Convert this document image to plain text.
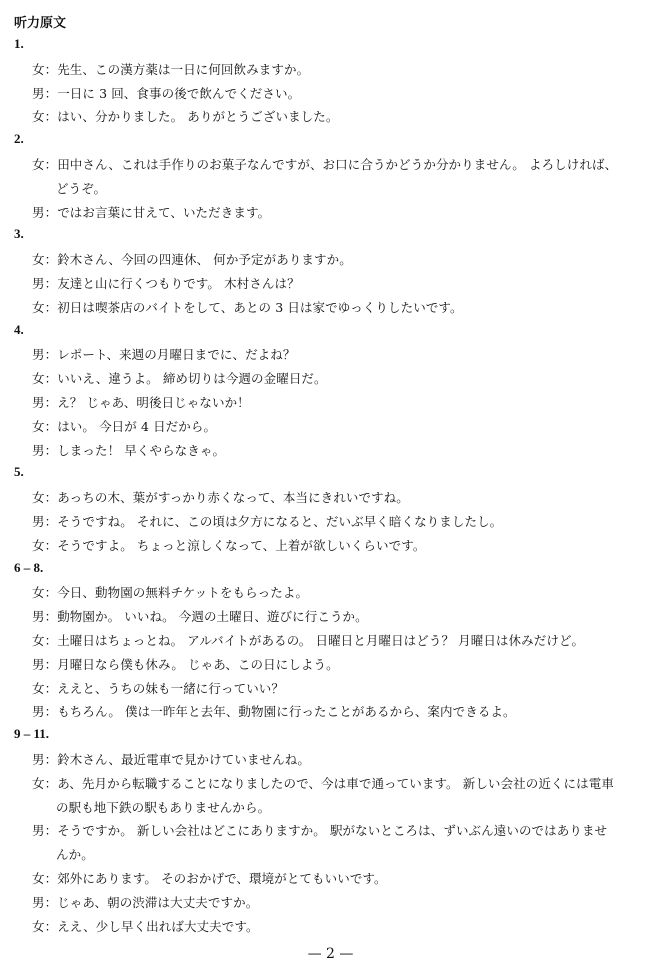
听力原文
1.
女：先生、この漢方薬は一日に何回飲みますか。
男：一日に 3 回、食事の後で飲んでください。
女：はい、分かりました。 ありがとうございました。
2.
女：田中さん、これは手作りのお菓子なんですが、お口に合うかどうか分かりません。 よろしければ、
どうぞ。
男：ではお言葉に甘えて、いただきます。
3.
女：鈴木さん、今回の四連休、 何か予定がありますか。
男：友達と山に行くつもりです。 木村さんは？
女：初日は喫茶店のバイトをして、あとの 3 日は家でゆっくりしたいです。
4.
男：レポート、来週の月曜日までに、だよね？
女：いいえ、違うよ。 締め切りは今週の金曜日だ。
男：え？ じゃあ、明後日じゃないか！
女：はい。 今日が 4 日だから。
男：しまった！ 早くやらなきゃ。
5.
女：あっちの木、葉がすっかり赤くなって、本当にきれいですね。
男：そうですね。 それに、この頃は夕方になると、だいぶ早く暗くなりましたし。
女：そうですよ。 ちょっと涼しくなって、上着が欲しいくらいです。
6 – 8.
女：今日、動物園の無料チケットをもらったよ。
男：動物園か。 いいね。 今週の土曜日、遊びに行こうか。
女：土曜日はちょっとね。 アルバイトがあるの。 日曜日と月曜日はどう？ 月曜日は休みだけど。
男：月曜日なら僕も休み。 じゃあ、この日にしよう。
女：ええと、うちの妹も一緒に行っていい？
男：もちろん。 僕は一昨年と去年、動物園に行ったことがあるから、案内できるよ。
9 – 11.
男：鈴木さん、最近電車で見かけていませんね。
女：あ、先月から転職することになりましたので、今は車で通っています。 新しい会社の近くには電車
の駅も地下鉄の駅もありませんから。
男：そうですか。 新しい会社はどこにありますか。 駅がないところは、ずいぶん遠いのではありませ
んか。
女：郊外にあります。 そのおかげで、環境がとてもいいです。
男：じゃあ、朝の渋滞は大丈夫ですか。
女：ええ、少し早く出れば大丈夫です。
— 2 —
